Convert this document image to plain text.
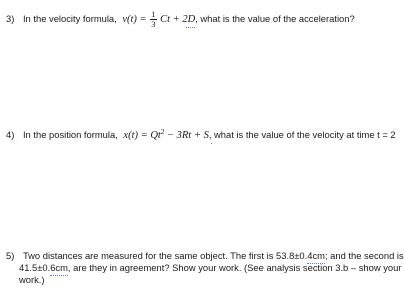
3) In the velocity formula, $v(t) = \frac{1}{3}$ Ct + 2D
, what is the value of the acceleration?
4) In the position formula, $x(t) = Qt^2 - 3Rt + S$
, what is the value of the velocity at time t = 2
5) Two distances are measured for the same object. The first is 53.8±0.4cm
; and the second is
41.5±0.6cm
, are they in agreement? Show your work. (See analysis section 3.b – show your
work.)
